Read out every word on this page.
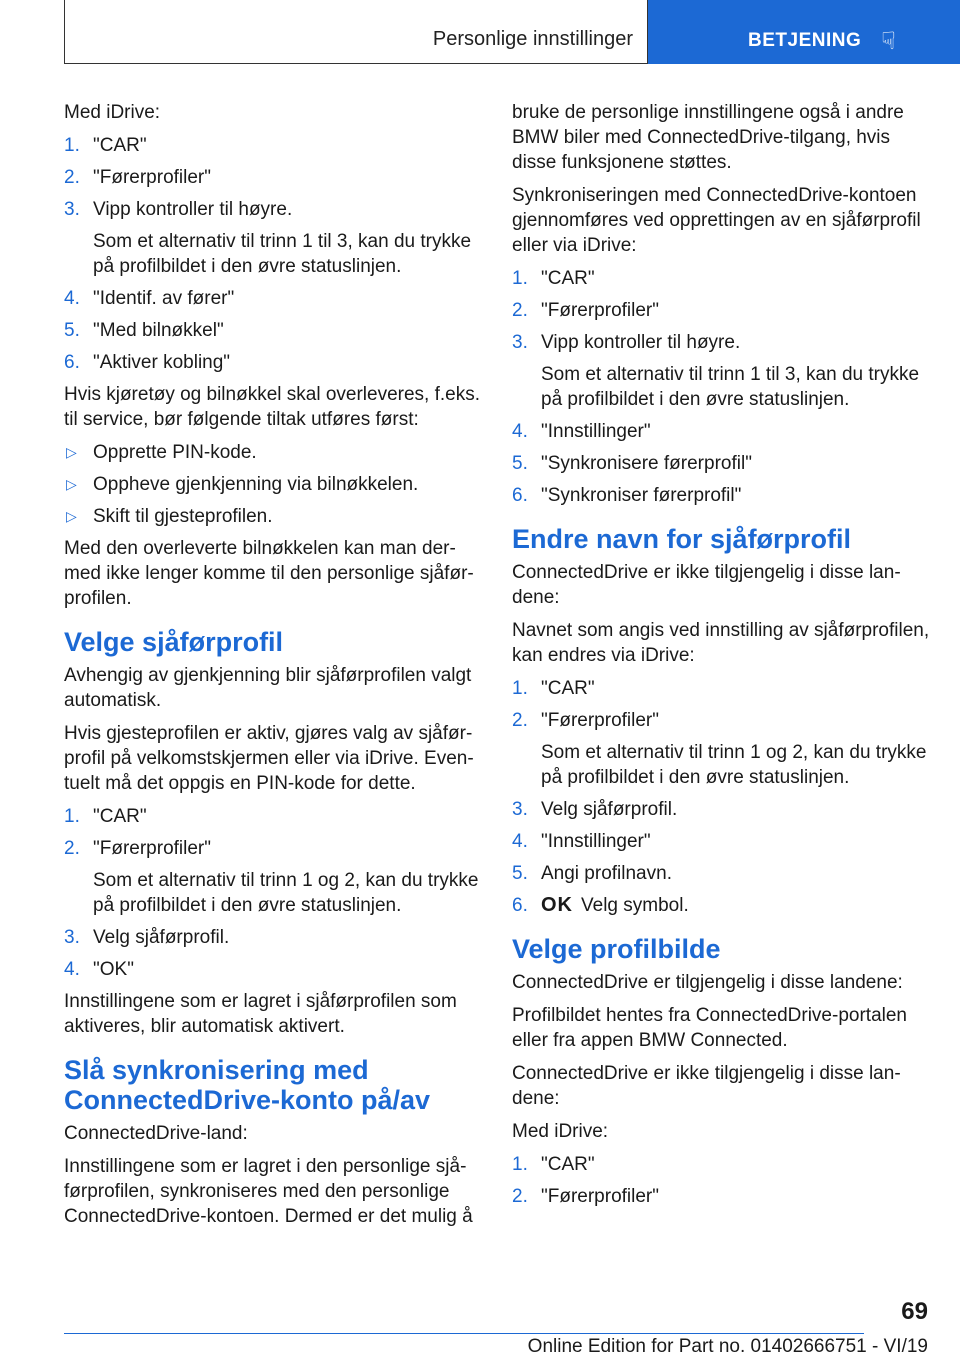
Personlige innstillinger	BETJENING ☟

Med iDrive:

1. "CAR"
2. "Førerprofiler"
3. Vipp kontroller til høyre.
Som et alternativ til trinn 1 til 3, kan du trykke på profilbildet i den øvre statuslinjen.
4. "Identif. av fører"
5. "Med bilnøkkel"
6. "Aktiver kobling"

Hvis kjøretøy og bilnøkkel skal overleveres, f.eks. til service, bør følgende tiltak utføres først:

▷ Opprette PIN-kode.
▷ Oppheve gjenkjenning via bilnøkkelen.
▷ Skift til gjesteprofilen.

Med den overleverte bilnøkkelen kan man dermed ikke lenger komme til den personlige sjåførprofilen.

Velge sjåførprofil

Avhengig av gjenkjenning blir sjåførprofilen valgt automatisk.

Hvis gjesteprofilen er aktiv, gjøres valg av sjåførprofil på velkomstskjermen eller via iDrive. Eventuelt må det oppgis en PIN-kode for dette.

1. "CAR"
2. "Førerprofiler"
Som et alternativ til trinn 1 og 2, kan du trykke på profilbildet i den øvre statuslinjen.
3. Velg sjåførprofil.
4. "OK"

Innstillingene som er lagret i sjåførprofilen som aktiveres, blir automatisk aktivert.

Slå synkronisering med ConnectedDrive-konto på/av

ConnectedDrive-land:

Innstillingene som er lagret i den personlige sjåførprofilen, synkroniseres med den personlige ConnectedDrive-kontoen. Dermed er det mulig å

bruke de personlige innstillingene også i andre BMW biler med ConnectedDrive-tilgang, hvis disse funksjonene støttes.

Synkroniseringen med ConnectedDrive-kontoen gjennomføres ved opprettingen av en sjåførprofil eller via iDrive:

1. "CAR"
2. "Førerprofiler"
3. Vipp kontroller til høyre.
Som et alternativ til trinn 1 til 3, kan du trykke på profilbildet i den øvre statuslinjen.
4. "Innstillinger"
5. "Synkronisere førerprofil"
6. "Synkroniser førerprofil"
Endre navn for sjåførprofil

ConnectedDrive er ikke tilgjengelig i disse landene:

Navnet som angis ved innstilling av sjåførprofilen, kan endres via iDrive:

1. "CAR"
2. "Førerprofiler"
Som et alternativ til trinn 1 og 2, kan du trykke på profilbildet i den øvre statuslinjen.
3. Velg sjåførprofil.
4. "Innstillinger"
5. Angi profilnavn.
6. OK Velg symbol.
Velge profilbilde

ConnectedDrive er tilgjengelig i disse landene:

Profilbildet hentes fra ConnectedDrive-portalen eller fra appen BMW Connected.

ConnectedDrive er ikke tilgjengelig i disse landene:

Med iDrive:

1. "CAR"
2. "Førerprofiler"
69
Online Edition for Part no. 01402666751 - VI/19
